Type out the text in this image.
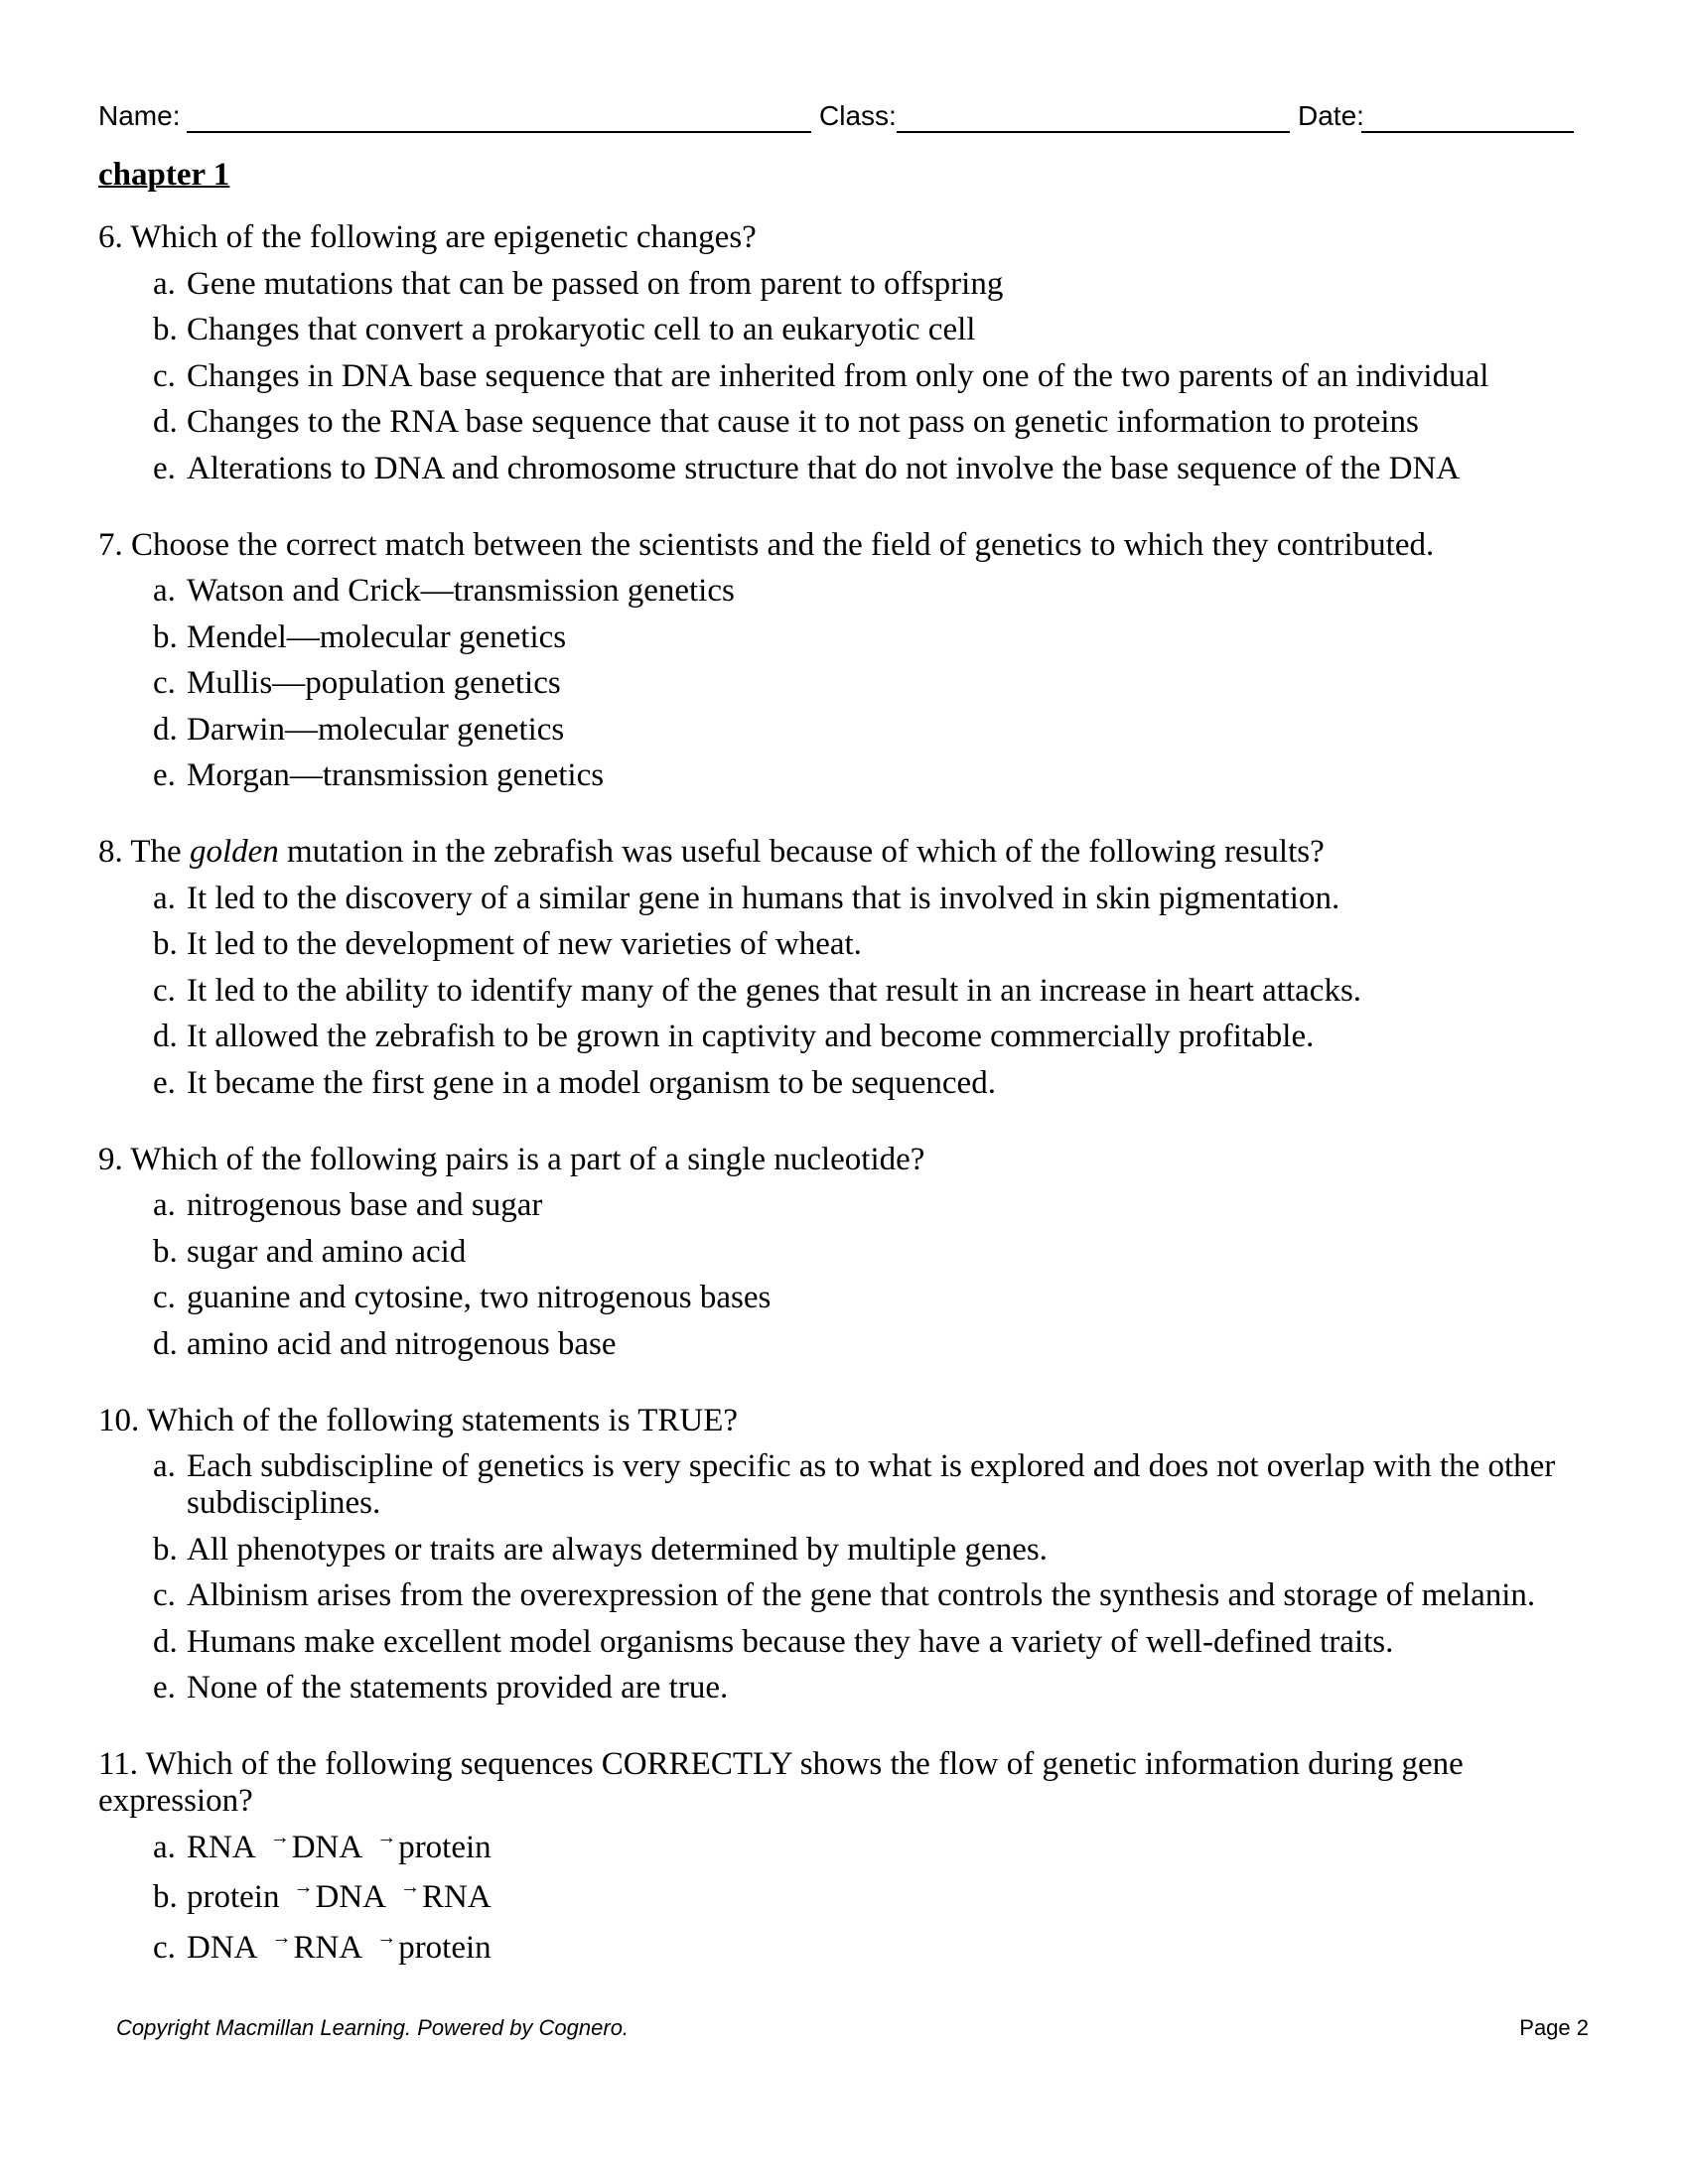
Name:	Class:	Date:
chapter 1
6. Which of the following are epigenetic changes?
a. Gene mutations that can be passed on from parent to offspring
b. Changes that convert a prokaryotic cell to an eukaryotic cell
c. Changes in DNA base sequence that are inherited from only one of the two parents of an individual
d. Changes to the RNA base sequence that cause it to not pass on genetic information to proteins
e. Alterations to DNA and chromosome structure that do not involve the base sequence of the DNA
7. Choose the correct match between the scientists and the field of genetics to which they contributed.
a. Watson and Crick—transmission genetics
b. Mendel—molecular genetics
c. Mullis—population genetics
d. Darwin—molecular genetics
e. Morgan—transmission genetics
8. The golden mutation in the zebrafish was useful because of which of the following results?
a. It led to the discovery of a similar gene in humans that is involved in skin pigmentation.
b. It led to the development of new varieties of wheat.
c. It led to the ability to identify many of the genes that result in an increase in heart attacks.
d. It allowed the zebrafish to be grown in captivity and become commercially profitable.
e. It became the first gene in a model organism to be sequenced.
9. Which of the following pairs is a part of a single nucleotide?
a. nitrogenous base and sugar
b. sugar and amino acid
c. guanine and cytosine, two nitrogenous bases
d. amino acid and nitrogenous base
10. Which of the following statements is TRUE?
a. Each subdiscipline of genetics is very specific as to what is explored and does not overlap with the other subdisciplines.
b. All phenotypes or traits are always determined by multiple genes.
c. Albinism arises from the overexpression of the gene that controls the synthesis and storage of melanin.
d. Humans make excellent model organisms because they have a variety of well-defined traits.
e. None of the statements provided are true.
11. Which of the following sequences CORRECTLY shows the flow of genetic information during gene expression?
a. RNA →DNA →protein
b. protein →DNA →RNA
c. DNA →RNA →protein
Copyright Macmillan Learning. Powered by Cognero.	Page 2
